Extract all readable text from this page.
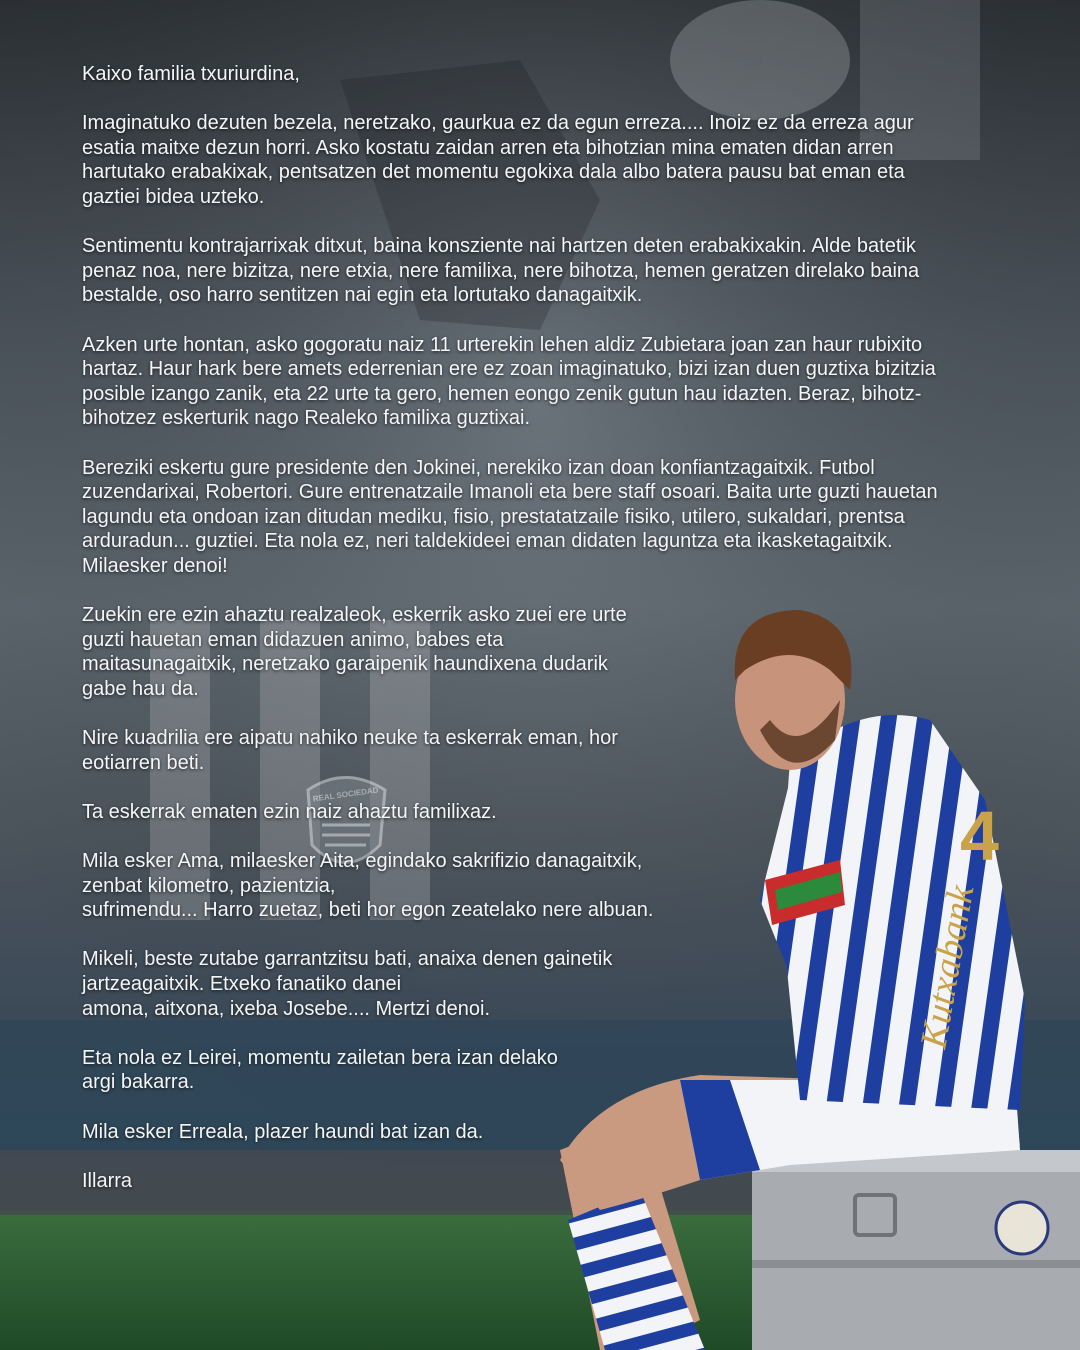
REAL SOCIEDAD
Kutxabank
4
Kaixo familia txuriurdina,
Imaginatuko dezuten bezela, neretzako, gaurkua ez da egun erreza.... Inoiz ez da erreza agur
esatia maitxe dezun horri. Asko kostatu zaidan arren eta bihotzian mina ematen didan arren
hartutako erabakixak, pentsatzen det momentu egokixa dala albo batera pausu bat eman eta
gaztiei bidea uzteko.
Sentimentu kontrajarrixak ditxut, baina konsziente nai hartzen deten erabakixakin. Alde batetik
penaz noa, nere bizitza, nere etxia, nere familixa, nere bihotza, hemen geratzen direlako baina
bestalde, oso harro sentitzen nai egin eta lortutako danagaitxik.
Azken urte hontan, asko gogoratu naiz 11 urterekin lehen aldiz Zubietara joan zan haur rubixito
hartaz. Haur hark bere amets ederrenian ere ez zoan imaginatuko, bizi izan duen guztixa bizitzia
posible izango zanik, eta 22 urte ta gero, hemen eongo zenik gutun hau idazten. Beraz, bihotz-
bihotzez eskerturik nago Realeko familixa guztixai.
Bereziki eskertu gure presidente den Jokinei, nerekiko izan doan konfiantzagaitxik. Futbol
zuzendarixai, Robertori. Gure entrenatzaile Imanoli eta bere staff osoari. Baita urte guzti hauetan
lagundu eta ondoan izan ditudan mediku, fisio, prestatatzaile fisiko, utilero, sukaldari, prentsa
arduradun... guztiei. Eta nola ez, neri taldekideei eman didaten laguntza eta ikasketagaitxik.
Milaesker denoi!
Zuekin ere ezin ahaztu realzaleok, eskerrik asko zuei ere urte
guzti hauetan eman didazuen animo, babes eta
maitasunagaitxik, neretzako garaipenik haundixena dudarik
gabe hau da.
Nire kuadrilia ere aipatu nahiko neuke ta eskerrak eman, hor
eotiarren beti.
Ta eskerrak ematen ezin naiz ahaztu familixaz.
Mila esker Ama, milaesker Aita, egindako sakrifizio danagaitxik,
zenbat kilometro, pazientzia,
sufrimendu... Harro zuetaz, beti hor egon zeatelako nere albuan.
Mikeli, beste zutabe garrantzitsu bati, anaixa denen gainetik
jartzeagaitxik. Etxeko fanatiko danei
amona, aitxona, ixeba Josebe.... Mertzi denoi.
Eta nola ez Leirei, momentu zailetan bera izan delako
argi bakarra.
Mila esker Erreala, plazer haundi bat izan da.
Illarra
